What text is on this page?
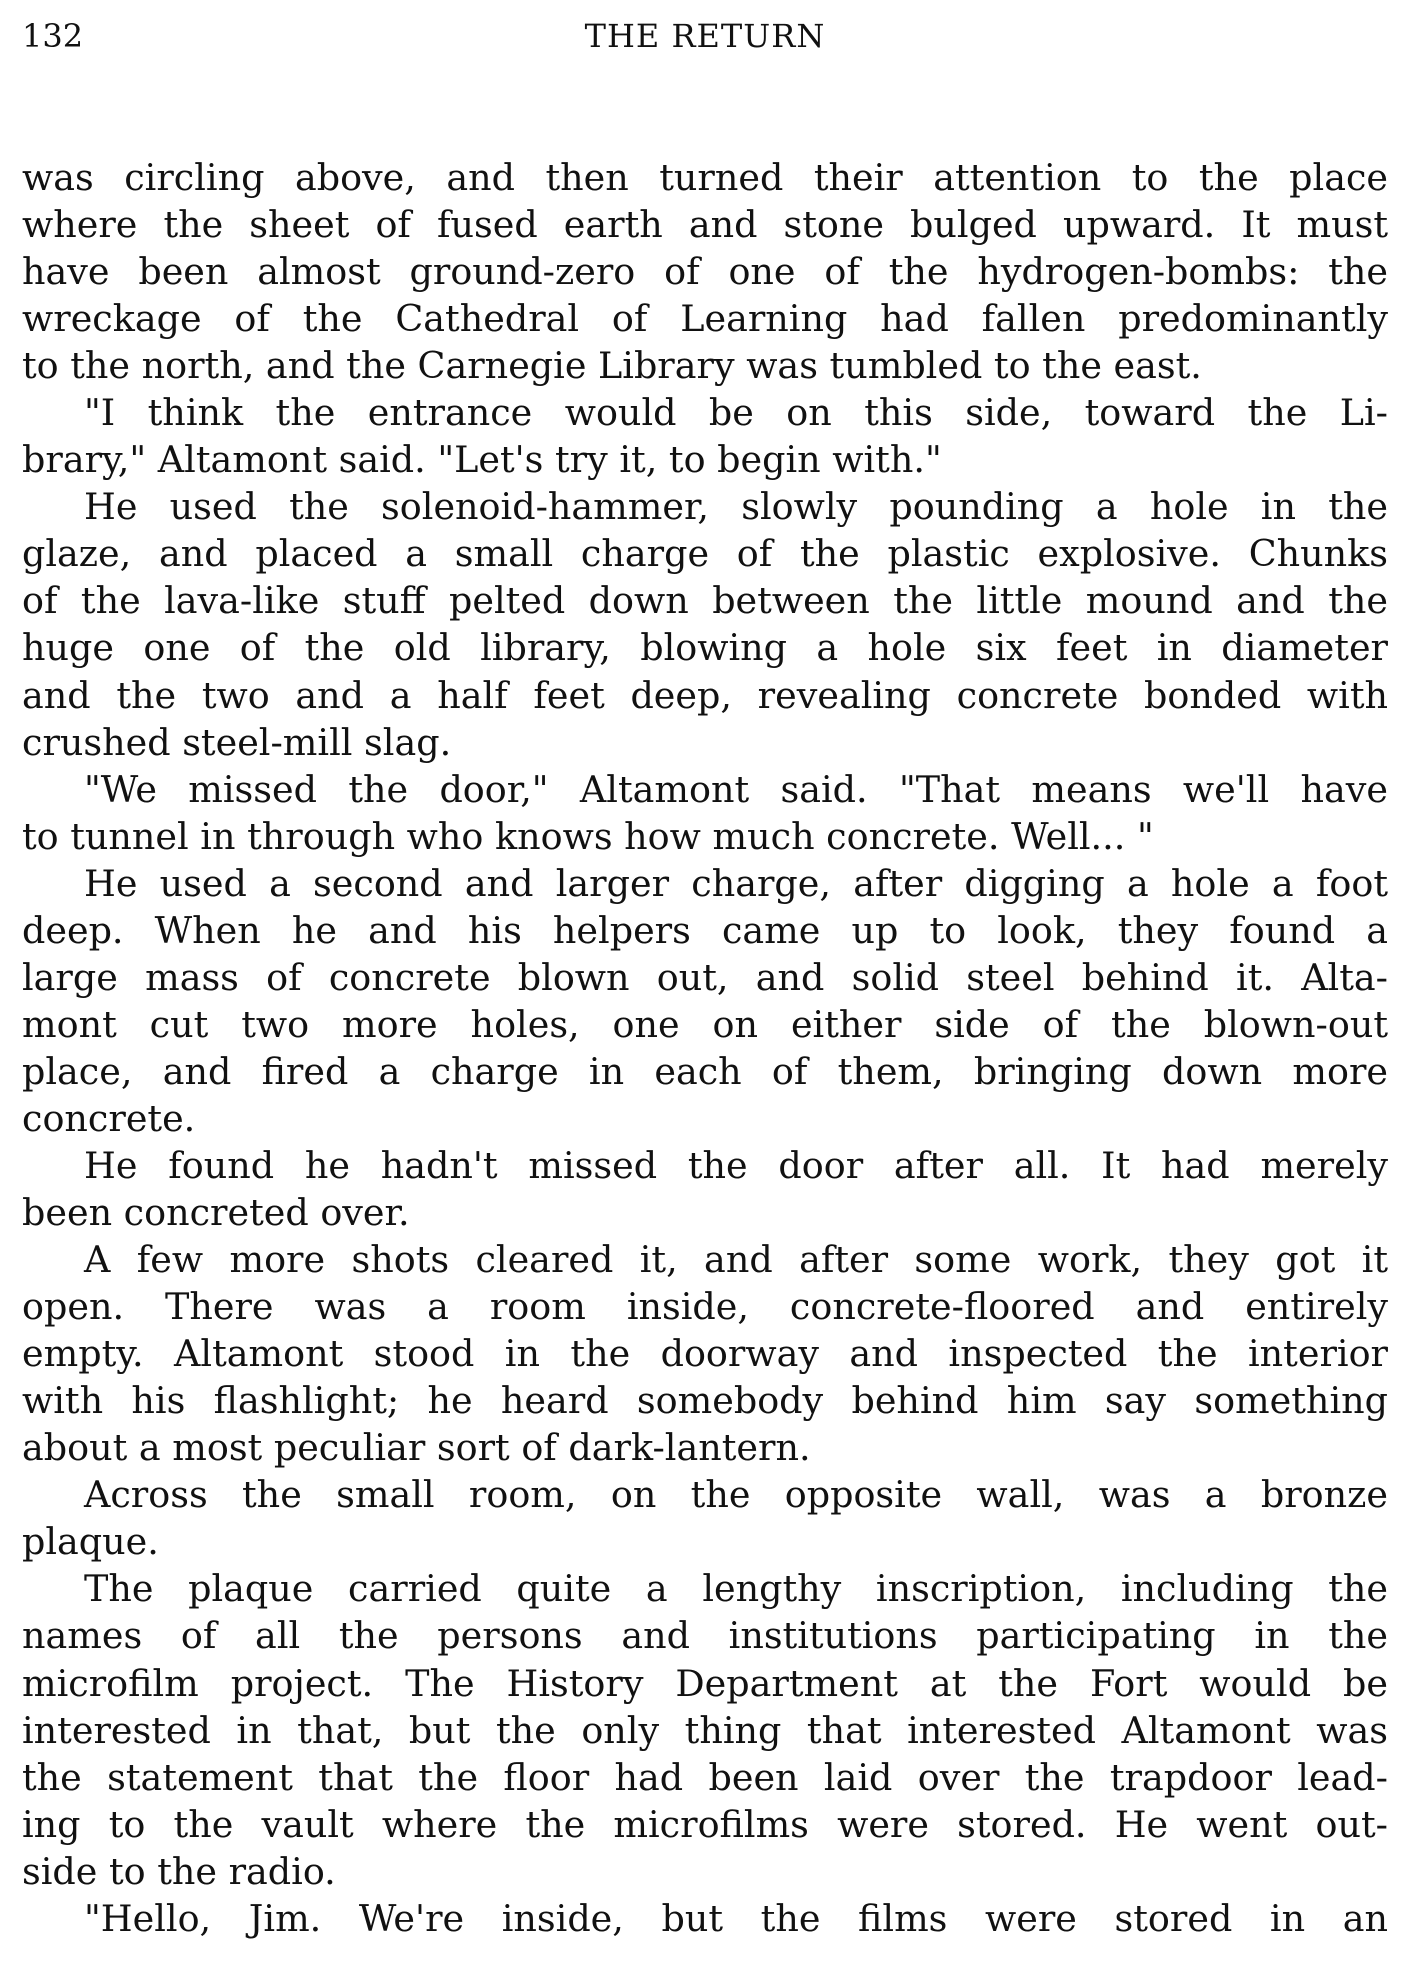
132	THE RETURN
was circling above, and then turned their attention to the place
where the sheet of fused earth and stone bulged upward. It must
have been almost ground-zero of one of the hydrogen-bombs: the
wreckage of the Cathedral of Learning had fallen predominantly
to the north, and the Carnegie Library was tumbled to the east.
"I think the entrance would be on this side, toward the Li-
brary," Altamont said. "Let's try it, to begin with."
He used the solenoid-hammer, slowly pounding a hole in the
glaze, and placed a small charge of the plastic explosive. Chunks
of the lava-like stuff pelted down between the little mound and the
huge one of the old library, blowing a hole six feet in diameter
and the two and a half feet deep, revealing concrete bonded with
crushed steel-mill slag.
"We missed the door," Altamont said. "That means we'll have
to tunnel in through who knows how much concrete. Well... "
He used a second and larger charge, after digging a hole a foot
deep. When he and his helpers came up to look, they found a
large mass of concrete blown out, and solid steel behind it. Alta-
mont cut two more holes, one on either side of the blown-out
place, and fired a charge in each of them, bringing down more
concrete.
He found he hadn't missed the door after all. It had merely
been concreted over.
A few more shots cleared it, and after some work, they got it
open. There was a room inside, concrete-floored and entirely
empty. Altamont stood in the doorway and inspected the interior
with his flashlight; he heard somebody behind him say something
about a most peculiar sort of dark-lantern.
Across the small room, on the opposite wall, was a bronze
plaque.
The plaque carried quite a lengthy inscription, including the
names of all the persons and institutions participating in the
microfilm project. The History Department at the Fort would be
interested in that, but the only thing that interested Altamont was
the statement that the floor had been laid over the trapdoor lead-
ing to the vault where the microfilms were stored. He went out-
side to the radio.
"Hello, Jim. We're inside, but the films were stored in an
